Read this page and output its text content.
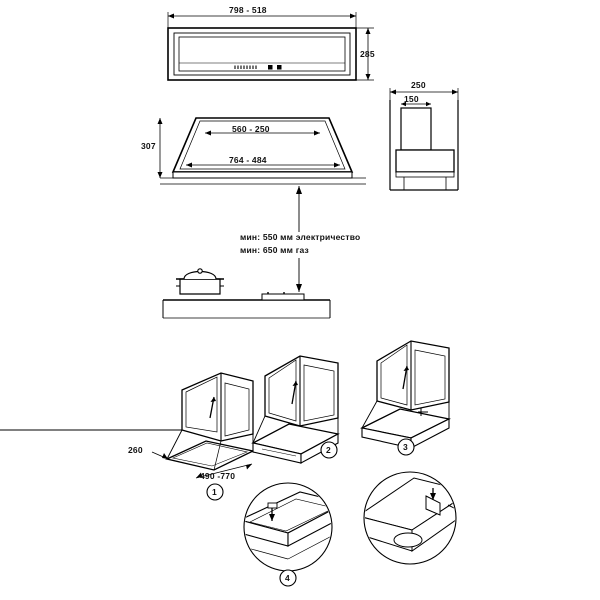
798 - 518
285
307
560 - 250
764 - 484
250
150
мин: 550 мм электричество
мин: 650 мм газ
260
490 -770
1
2	3
4
